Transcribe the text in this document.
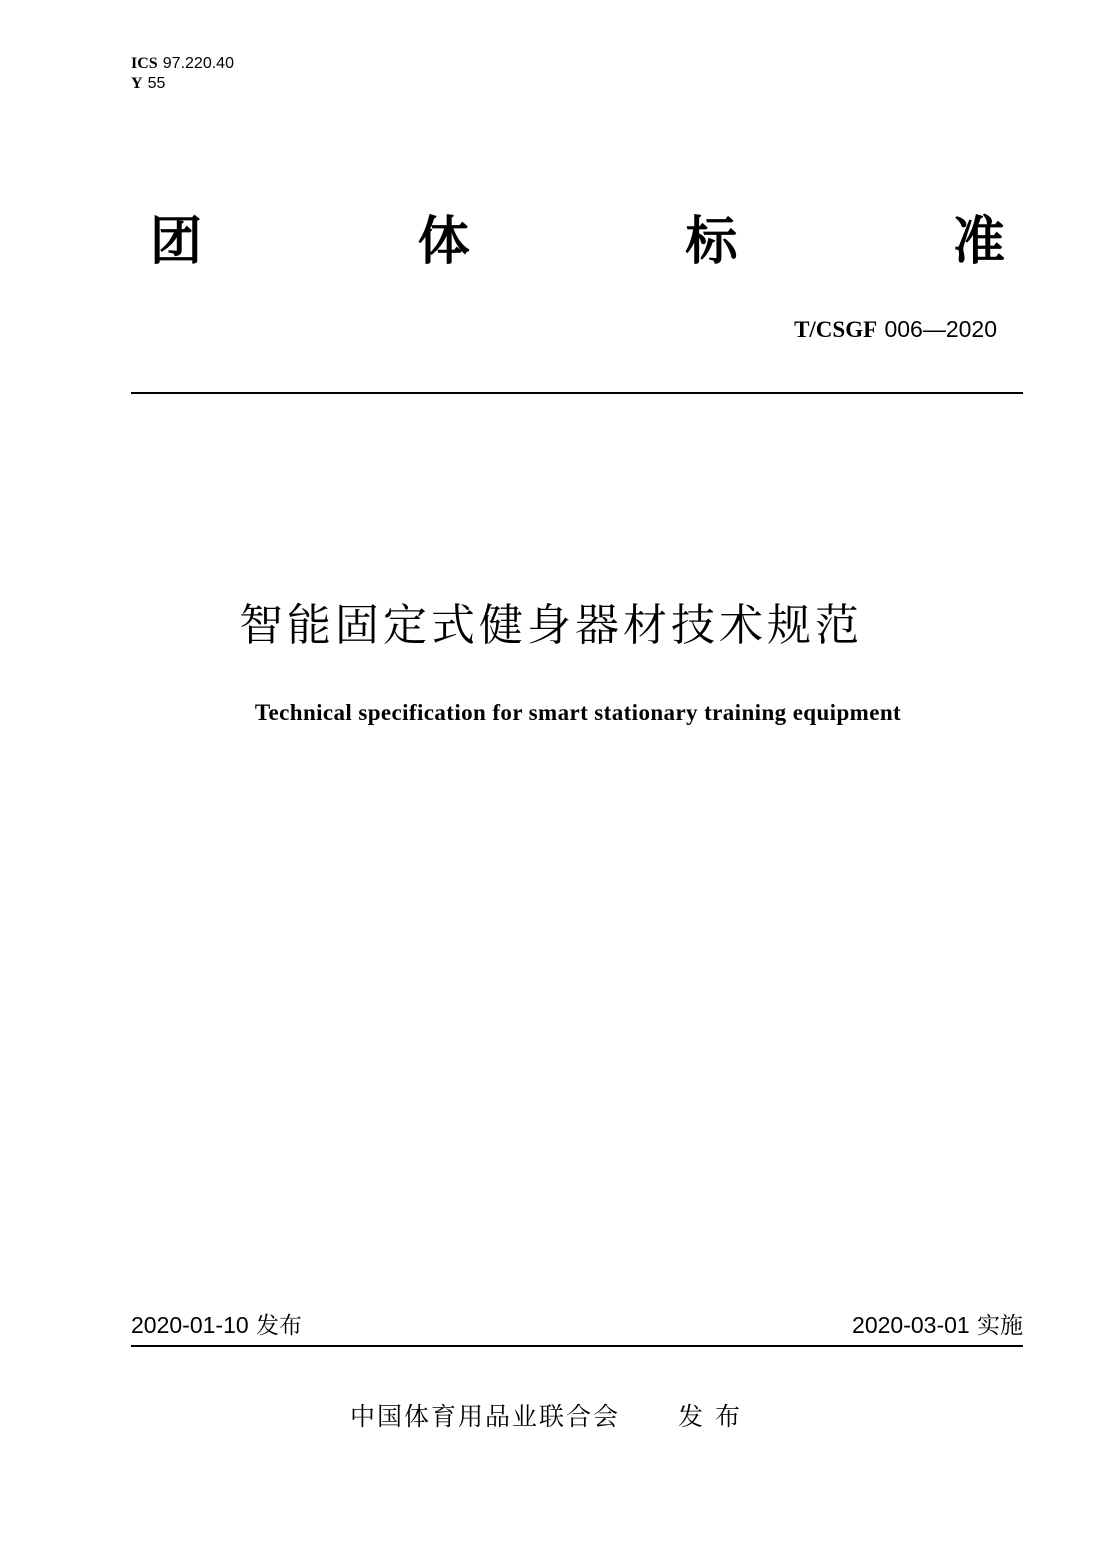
ICS 97.220.40
Y 55
团	体	标	准
T/CSGF 006—2020
智能固定式健身器材技术规范
Technical specification for smart stationary training equipment
2020-01-10 发布	2020-03-01 实施
中国体育用品业联合会 发布
